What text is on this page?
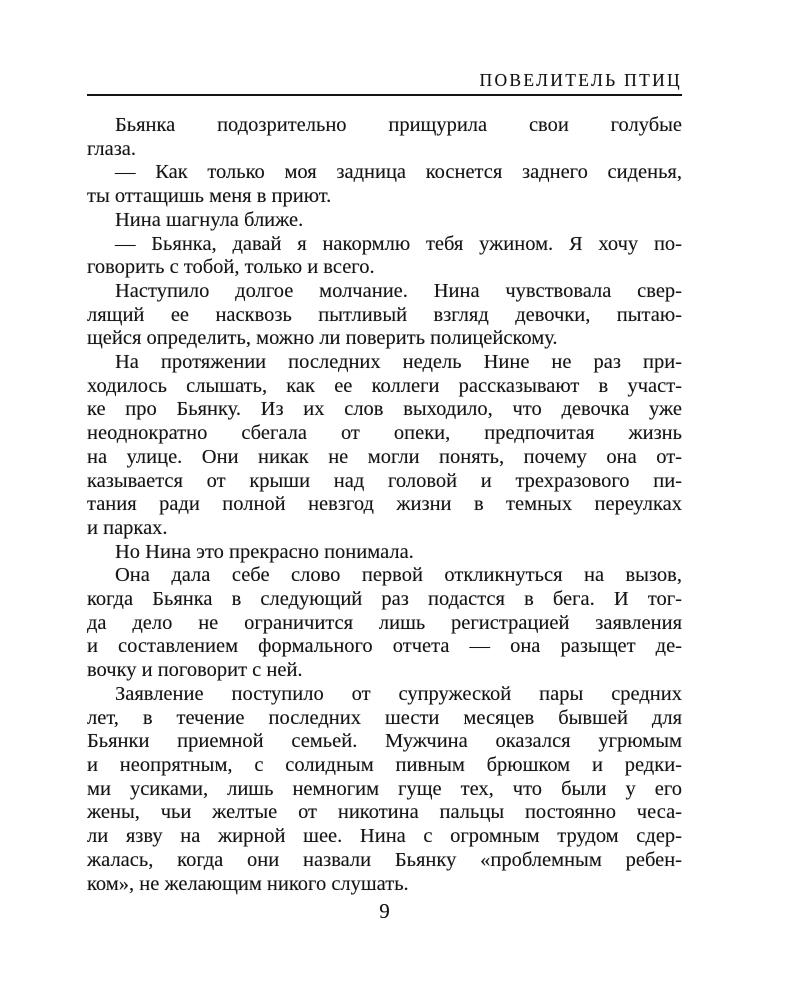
ПОВЕЛИТЕЛЬ ПТИЦ
Бьянка подозрительно прищурила свои голубые
глаза.
— Как только моя задница коснется заднего сиденья,
ты оттащишь меня в приют.
Нина шагнула ближе.
— Бьянка, давай я накормлю тебя ужином. Я хочу по-
говорить с тобой, только и всего.
Наступило долгое молчание. Нина чувствовала свер-
лящий ее насквозь пытливый взгляд девочки, пытаю-
щейся определить, можно ли поверить полицейскому.
На протяжении последних недель Нине не раз при-
ходилось слышать, как ее коллеги рассказывают в участ-
ке про Бьянку. Из их слов выходило, что девочка уже
неоднократно сбегала от опеки, предпочитая жизнь
на улице. Они никак не могли понять, почему она от-
казывается от крыши над головой и трехразового пи-
тания ради полной невзгод жизни в темных переулках
и парках.
Но Нина это прекрасно понимала.
Она дала себе слово первой откликнуться на вызов,
когда Бьянка в следующий раз подастся в бега. И тог-
да дело не ограничится лишь регистрацией заявления
и составлением формального отчета — она разыщет де-
вочку и поговорит с ней.
Заявление поступило от супружеской пары средних
лет, в течение последних шести месяцев бывшей для
Бьянки приемной семьей. Мужчина оказался угрюмым
и неопрятным, с солидным пивным брюшком и редки-
ми усиками, лишь немногим гуще тех, что были у его
жены, чьи желтые от никотина пальцы постоянно чеса-
ли язву на жирной шее. Нина с огромным трудом сдер-
жалась, когда они назвали Бьянку «проблемным ребен-
ком», не желающим никого слушать.
9
